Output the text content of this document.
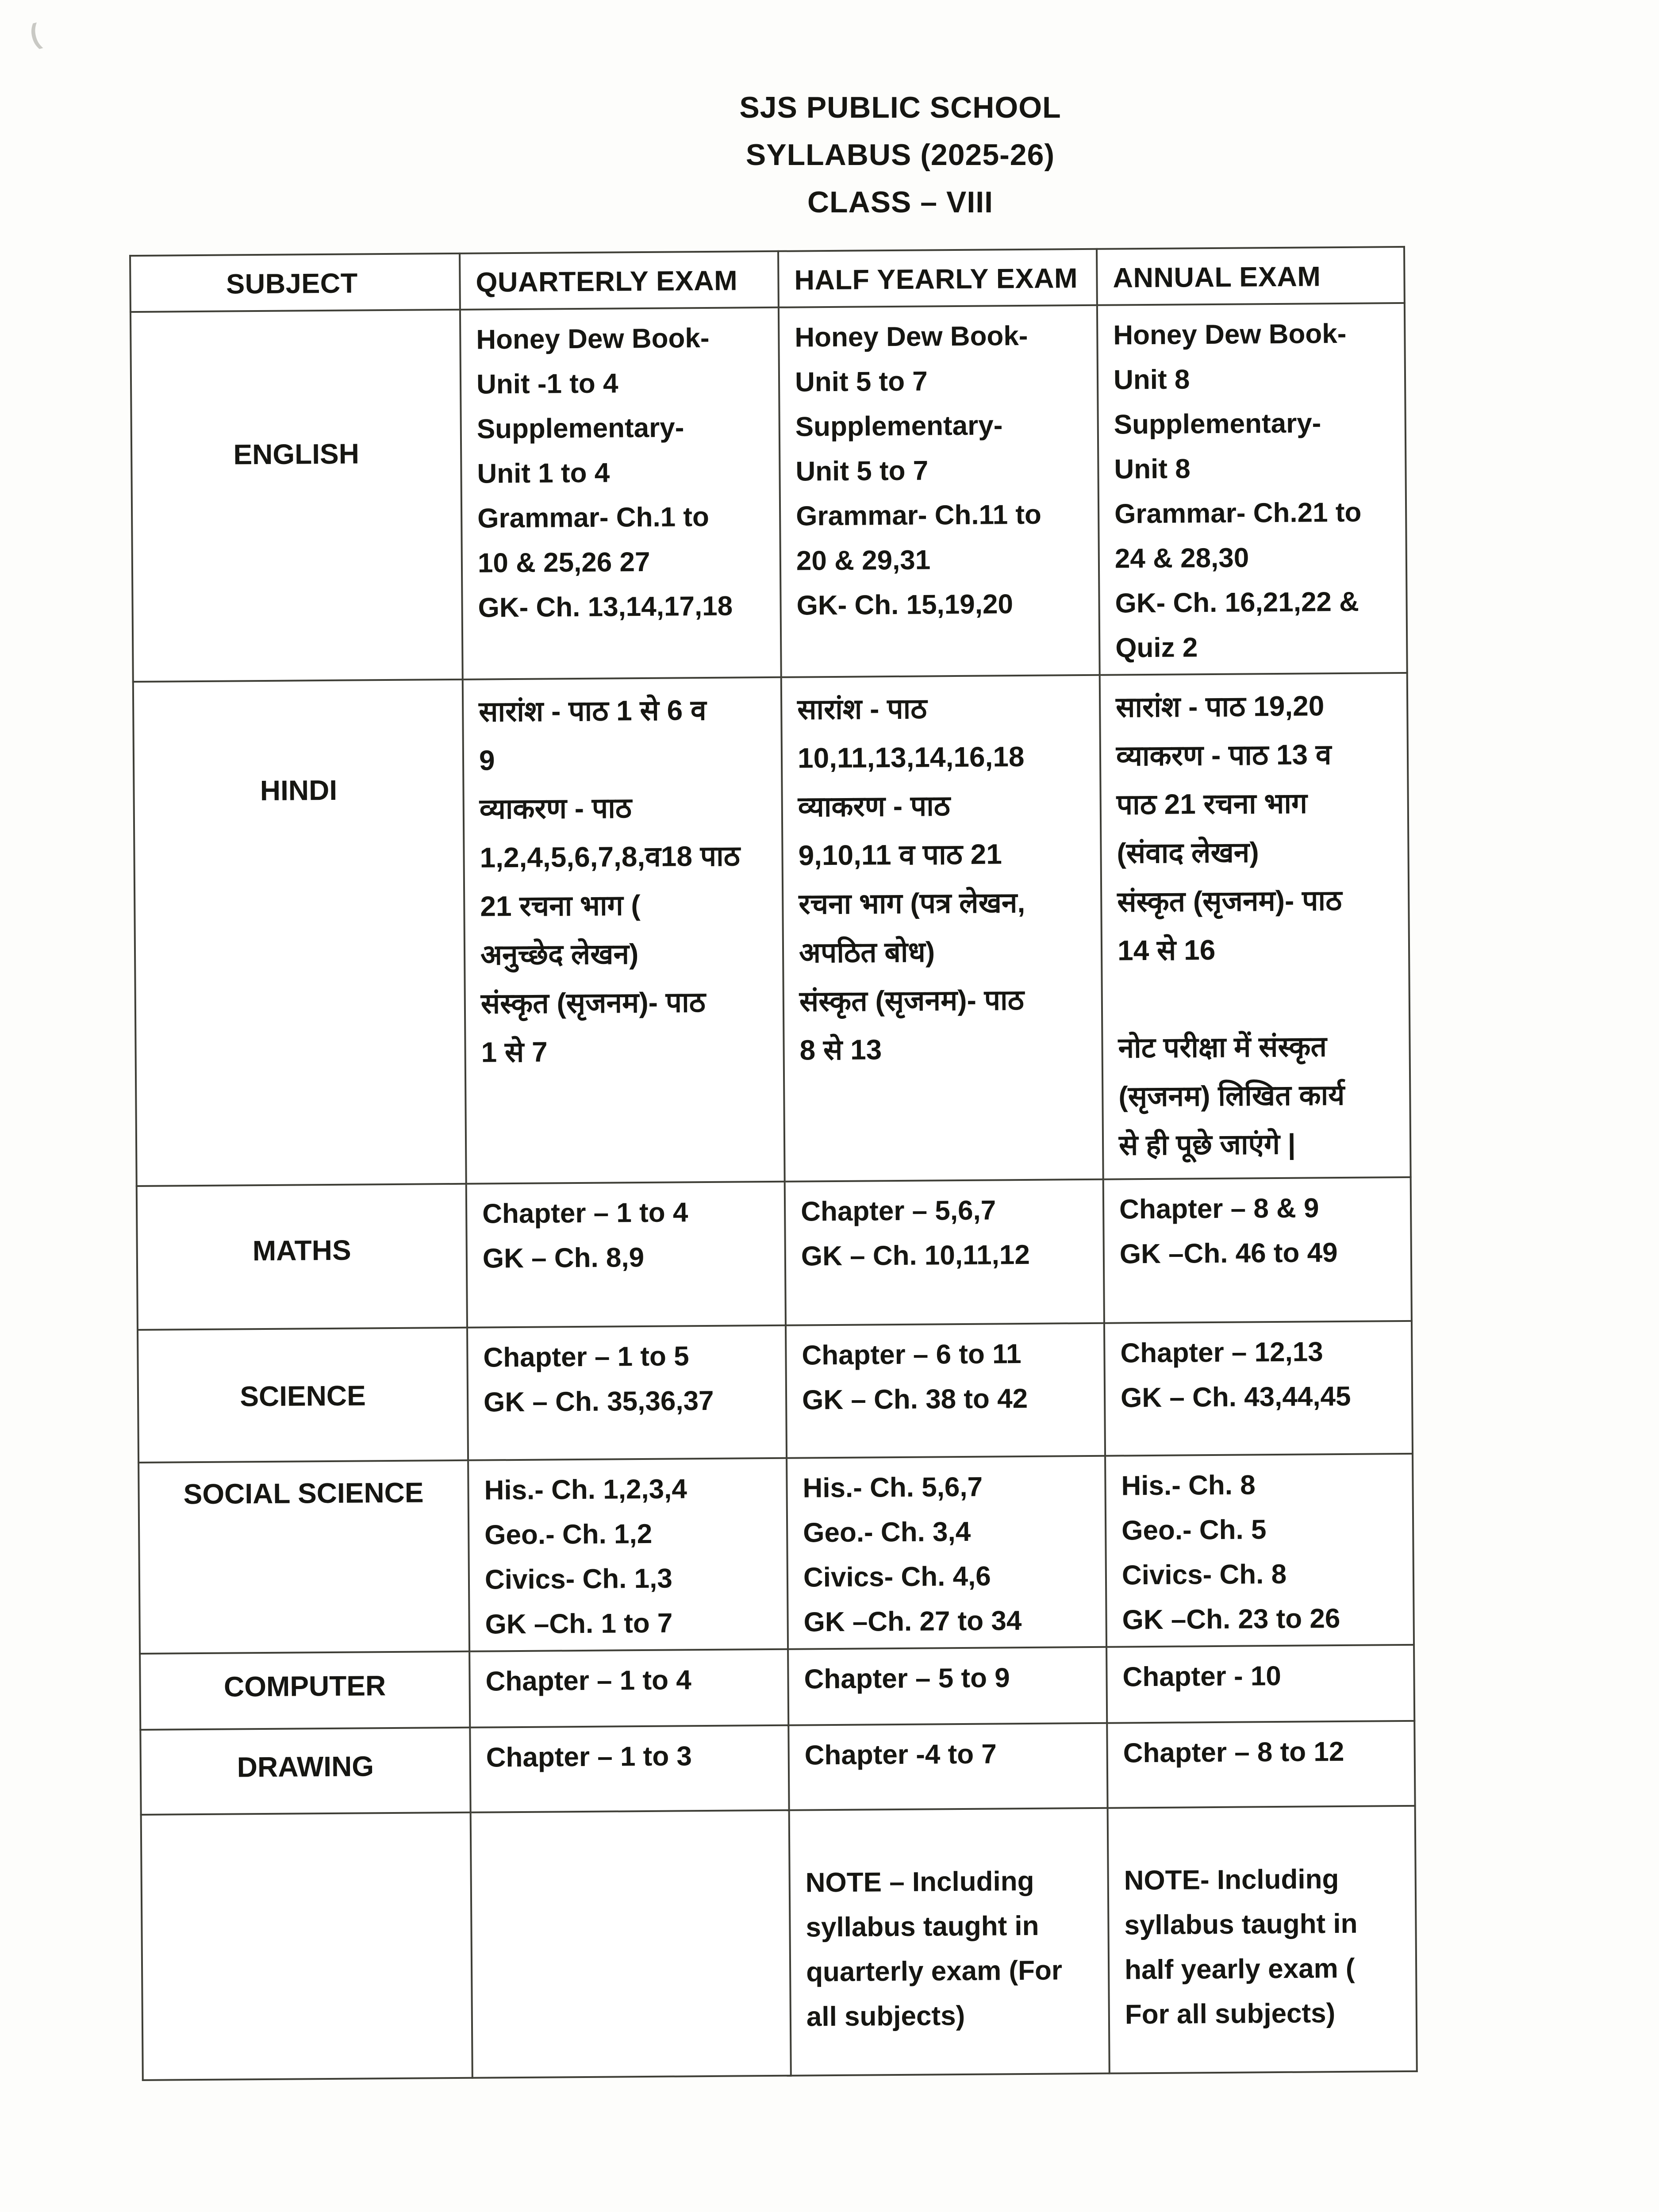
(
SJS PUBLIC SCHOOL
SYLLABUS (2025-26)
CLASS – VIII
SUBJECT	QUARTERLY EXAM	HALF YEARLY EXAM	ANNUAL EXAM
ENGLISH	Honey Dew Book-
Unit -1 to 4
Supplementary-
Unit 1 to 4
Grammar- Ch.1 to
10 & 25,26 27
GK- Ch. 13,14,17,18	Honey Dew Book-
Unit 5 to 7
Supplementary-
Unit 5 to 7
Grammar- Ch.11 to
20 & 29,31
GK- Ch. 15,19,20	Honey Dew Book-
Unit 8
Supplementary-
Unit 8
Grammar- Ch.21 to
24 & 28,30
GK- Ch. 16,21,22 &
Quiz 2
HINDI	सारांश - पाठ 1 से 6 व
9
व्याकरण - पाठ
1,2,4,5,6,7,8,व18 पाठ
21 रचना भाग (
अनुच्छेद लेखन)
संस्कृत (सृजनम)- पाठ
1 से 7	सारांश - पाठ
10,11,13,14,16,18
व्याकरण - पाठ
9,10,11 व पाठ 21
रचना भाग (पत्र लेखन,
अपठित बोध)
संस्कृत (सृजनम)- पाठ
8 से 13	सारांश - पाठ 19,20
व्याकरण - पाठ 13 व
पाठ 21 रचना भाग
(संवाद लेखन)
संस्कृत (सृजनम)- पाठ
14 से 16

नोट परीक्षा में संस्कृत
(सृजनम) लिखित कार्य
से ही पूछे जाएंगे |
MATHS	Chapter – 1 to 4
GK – Ch. 8,9	Chapter – 5,6,7
GK – Ch. 10,11,12	Chapter – 8 & 9
GK –Ch. 46 to 49
SCIENCE	Chapter – 1 to 5
GK – Ch. 35,36,37	Chapter – 6 to 11
GK – Ch. 38 to 42	Chapter – 12,13
GK – Ch. 43,44,45
SOCIAL SCIENCE	His.- Ch. 1,2,3,4
Geo.- Ch. 1,2
Civics- Ch. 1,3
GK –Ch. 1 to 7	His.- Ch. 5,6,7
Geo.- Ch. 3,4
Civics- Ch. 4,6
GK –Ch. 27 to 34	His.- Ch. 8
Geo.- Ch. 5
Civics- Ch. 8
GK –Ch. 23 to 26
COMPUTER	Chapter – 1 to 4	Chapter – 5 to 9	Chapter - 10
DRAWING	Chapter – 1 to 3	Chapter -4 to 7	Chapter – 8 to 12
		NOTE – Including syllabus taught in quarterly exam (For all subjects)	NOTE- Including syllabus taught in half yearly exam ( For all subjects)
